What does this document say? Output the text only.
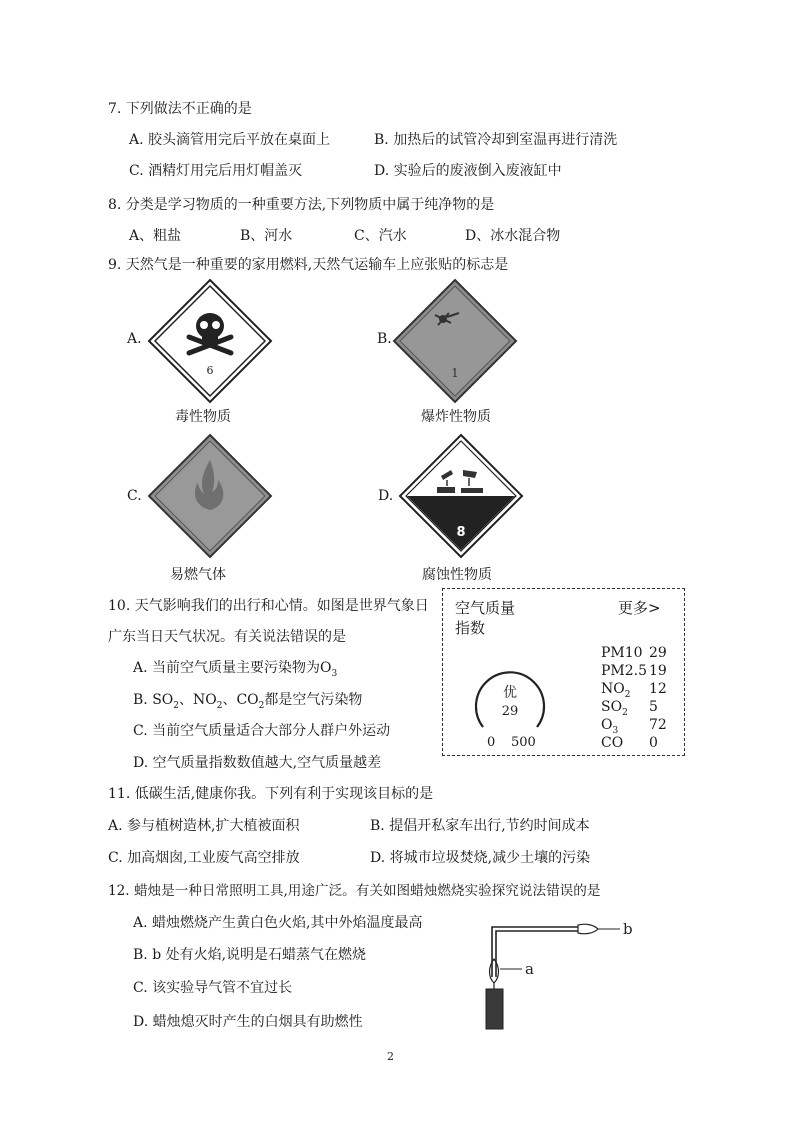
7. 下列做法不正确的是
A. 胶头滴管用完后平放在桌面上	B. 加热后的试管冷却到室温再进行清洗
C. 酒精灯用完后用灯帽盖灭	D. 实验后的废液倒入废液缸中
8. 分类是学习物质的一种重要方法,下列物质中属于纯净物的是
A、粗盐	B、河水	C、汽水	D、冰水混合物
9. 天然气是一种重要的家用燃料,天然气运输车上应张贴的标志是
A.
6
毒性物质
B.
1
爆炸性物质
C.
易燃气体
D.
8
腐蚀性物质
10. 天气影响我们的出行和心情。如图是世界气象日
广东当日天气状况。有关说法错误的是
A. 当前空气质量主要污染物为$O_3$
B. $SO_2$、$NO_2$、$CO_2$都是空气污染物
C. 当前空气质量适合大部分人群户外运动
D. 空气质量指数数值越大,空气质量越差
空气质量
指数
更多>
优
29
0 500
PM10 29
PM2.5 19
$NO_2$ 12
$SO_2$ 5
$O_3$ 72
CO 0
11. 低碳生活,健康你我。下列有利于实现该目标的是
A. 参与植树造林,扩大植被面积	B. 提倡开私家车出行,节约时间成本
C. 加高烟囱,工业废气高空排放	D. 将城市垃圾焚烧,减少土壤的污染
12. 蜡烛是一种日常照明工具,用途广泛。有关如图蜡烛燃烧实验探究说法错误的是
A. 蜡烛燃烧产生黄白色火焰,其中外焰温度最高
B. b 处有火焰,说明是石蜡蒸气在燃烧
C. 该实验导气管不宜过长
D. 蜡烛熄灭时产生的白烟具有助燃性
b
a
2
